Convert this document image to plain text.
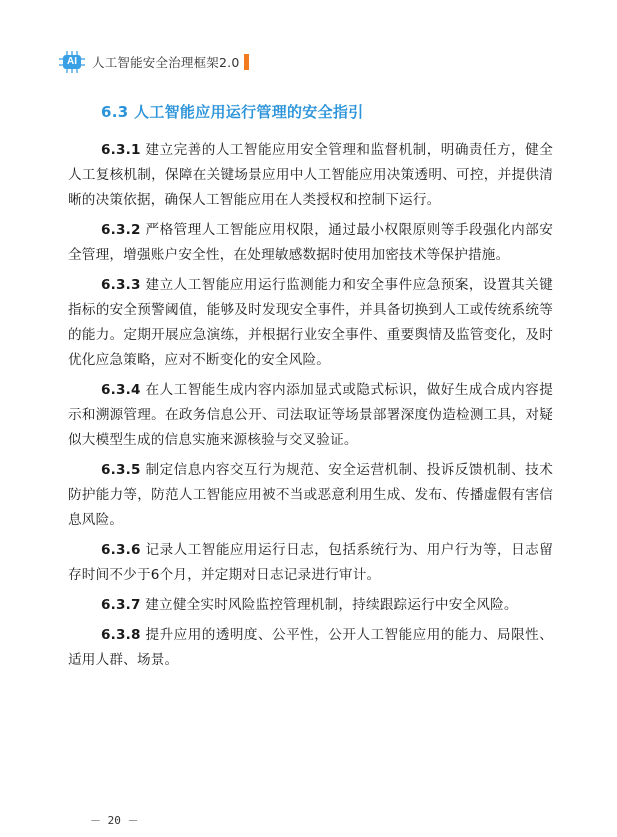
AI	人工智能安全治理框架2.0
6.3 人工智能应用运行管理的安全指引

6.3.1 建立完善的人工智能应用安全管理和监督机制，明确责任方，健全人工复核机制，保障在关键场景应用中人工智能应用决策透明、可控，并提供清晰的决策依据，确保人工智能应用在人类授权和控制下运行。

6.3.2 严格管理人工智能应用权限，通过最小权限原则等手段强化内部安全管理，增强账户安全性，在处理敏感数据时使用加密技术等保护措施。

6.3.3 建立人工智能应用运行监测能力和安全事件应急预案，设置其关键指标的安全预警阈值，能够及时发现安全事件，并具备切换到人工或传统系统等的能力。定期开展应急演练，并根据行业安全事件、重要舆情及监管变化，及时优化应急策略，应对不断变化的安全风险。

6.3.4 在人工智能生成内容内添加显式或隐式标识，做好生成合成内容提示和溯源管理。在政务信息公开、司法取证等场景部署深度伪造检测工具，对疑似大模型生成的信息实施来源核验与交叉验证。

6.3.5 制定信息内容交互行为规范、安全运营机制、投诉反馈机制、技术防护能力等，防范人工智能应用被不当或恶意利用生成、发布、传播虚假有害信息风险。

6.3.6 记录人工智能应用运行日志，包括系统行为、用户行为等，日志留存时间不少于6个月，并定期对日志记录进行审计。

6.3.7 建立健全实时风险监控管理机制，持续跟踪运行中安全风险。

6.3.8 提升应用的透明度、公平性，公开人工智能应用的能力、局限性、适用人群、场景。

－ 20 －
